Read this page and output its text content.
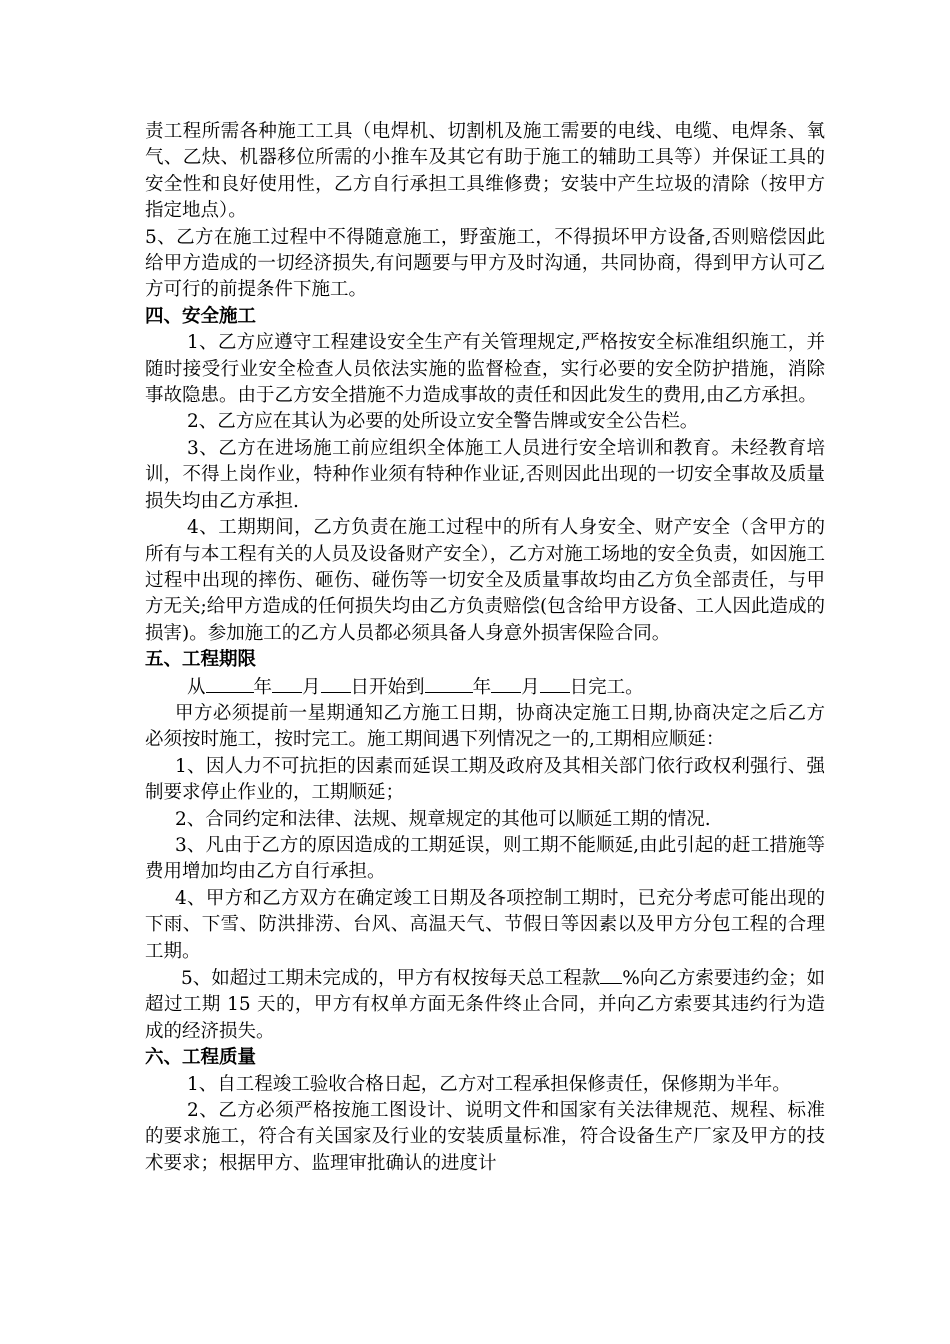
责工程所需各种施工工具（电焊机、切割机及施工需要的电线、电缆、电焊条、氧气、乙炔、机器移位所需的小推车及其它有助于施工的辅助工具等）并保证工具的安全性和良好使用性，乙方自行承担工具维修费；安装中产生垃圾的清除（按甲方指定地点）。

5、乙方在施工过程中不得随意施工，野蛮施工，不得损坏甲方设备,否则赔偿因此给甲方造成的一切经济损失,有问题要与甲方及时沟通，共同协商，得到甲方认可乙方可行的前提条件下施工。

四、安全施工

1、乙方应遵守工程建设安全生产有关管理规定,严格按安全标准组织施工，并随时接受行业安全检查人员依法实施的监督检查，实行必要的安全防护措施，消除事故隐患。由于乙方安全措施不力造成事故的责任和因此发生的费用,由乙方承担。

2、乙方应在其认为必要的处所设立安全警告牌或安全公告栏。

3、乙方在进场施工前应组织全体施工人员进行安全培训和教育。未经教育培训，不得上岗作业，特种作业须有特种作业证,否则因此出现的一切安全事故及质量损失均由乙方承担.

4、工期期间，乙方负责在施工过程中的所有人身安全、财产安全（含甲方的所有与本工程有关的人员及设备财产安全），乙方对施工场地的安全负责，如因施工过程中出现的摔伤、砸伤、碰伤等一切安全及质量事故均由乙方负全部责任，与甲方无关;给甲方造成的任何损失均由乙方负责赔偿(包含给甲方设备、工人因此造成的损害)。参加施工的乙方人员都必须具备人身意外损害保险合同。

五、工程期限

从	年 月 日开始到	年 月 日完工。

甲方必须提前一星期通知乙方施工日期，协商决定施工日期,协商决定之后乙方必须按时施工，按时完工。施工期间遇下列情况之一的,工期相应顺延：

1、因人力不可抗拒的因素而延误工期及政府及其相关部门依行政权利强行、强制要求停止作业的，工期顺延；

2、合同约定和法律、法规、规章规定的其他可以顺延工期的情况.

3、凡由于乙方的原因造成的工期延误，则工期不能顺延,由此引起的赶工措施等费用增加均由乙方自行承担。

4、甲方和乙方双方在确定竣工日期及各项控制工期时，已充分考虑可能出现的下雨、下雪、防洪排涝、台风、高温天气、节假日等因素以及甲方分包工程的合理工期。

5、如超过工期未完成的，甲方有权按每天总工程款 %向乙方索要违约金；如超过工期 15 天的，甲方有权单方面无条件终止合同，并向乙方索要其违约行为造成的经济损失。

六、工程质量

1、自工程竣工验收合格日起，乙方对工程承担保修责任，保修期为半年。

2、乙方必须严格按施工图设计、说明文件和国家有关法律规范、规程、标准的要求施工，符合有关国家及行业的安装质量标准，符合设备生产厂家及甲方的技术要求；根据甲方、监理审批确认的进度计
